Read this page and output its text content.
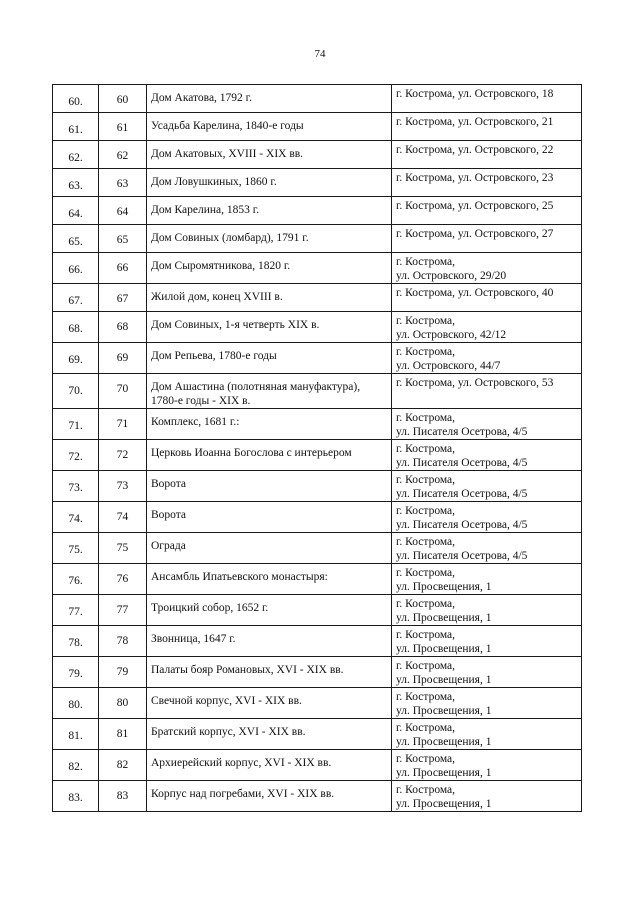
74
60.	60	Дом Акатова, 1792 г.	г. Кострома, ул. Островского, 18
61.	61	Усадьба Карелина, 1840-е годы	г. Кострома, ул. Островского, 21
62.	62	Дом Акатовых, XVIII - XIX вв.	г. Кострома, ул. Островского, 22
63.	63	Дом Ловушкиных, 1860 г.	г. Кострома, ул. Островского, 23
64.	64	Дом Карелина, 1853 г.	г. Кострома, ул. Островского, 25
65.	65	Дом Совиных (ломбард), 1791 г.	г. Кострома, ул. Островского, 27
66.	66	Дом Сыромятникова, 1820 г.	г. Кострома,
ул. Островского, 29/20
67.	67	Жилой дом, конец XVIII в.	г. Кострома, ул. Островского, 40
68.	68	Дом Совиных, 1-я четверть XIX в.	г. Кострома,
ул. Островского, 42/12
69.	69	Дом Репьева, 1780-е годы	г. Кострома,
ул. Островского, 44/7
70.	70	Дом Ашастина (полотняная мануфактура), 1780-е годы - XIX в.	г. Кострома, ул. Островского, 53
71.	71	Комплекс, 1681 г.:	г. Кострома,
ул. Писателя Осетрова, 4/5
72.	72	Церковь Иоанна Богослова с интерьером	г. Кострома,
ул. Писателя Осетрова, 4/5
73.	73	Ворота	г. Кострома,
ул. Писателя Осетрова, 4/5
74.	74	Ворота	г. Кострома,
ул. Писателя Осетрова, 4/5
75.	75	Ограда	г. Кострома,
ул. Писателя Осетрова, 4/5
76.	76	Ансамбль Ипатьевского монастыря:	г. Кострома,
ул. Просвещения, 1
77.	77	Троицкий собор, 1652 г.	г. Кострома,
ул. Просвещения, 1
78.	78	Звонница, 1647 г.	г. Кострома,
ул. Просвещения, 1
79.	79	Палаты бояр Романовых, XVI - XIX вв.	г. Кострома,
ул. Просвещения, 1
80.	80	Свечной корпус, XVI - XIX вв.	г. Кострома,
ул. Просвещения, 1
81.	81	Братский корпус, XVI - XIX вв.	г. Кострома,
ул. Просвещения, 1
82.	82	Архиерейский корпус, XVI - XIX вв.	г. Кострома,
ул. Просвещения, 1
83.	83	Корпус над погребами, XVI - XIX вв.	г. Кострома,
ул. Просвещения, 1
